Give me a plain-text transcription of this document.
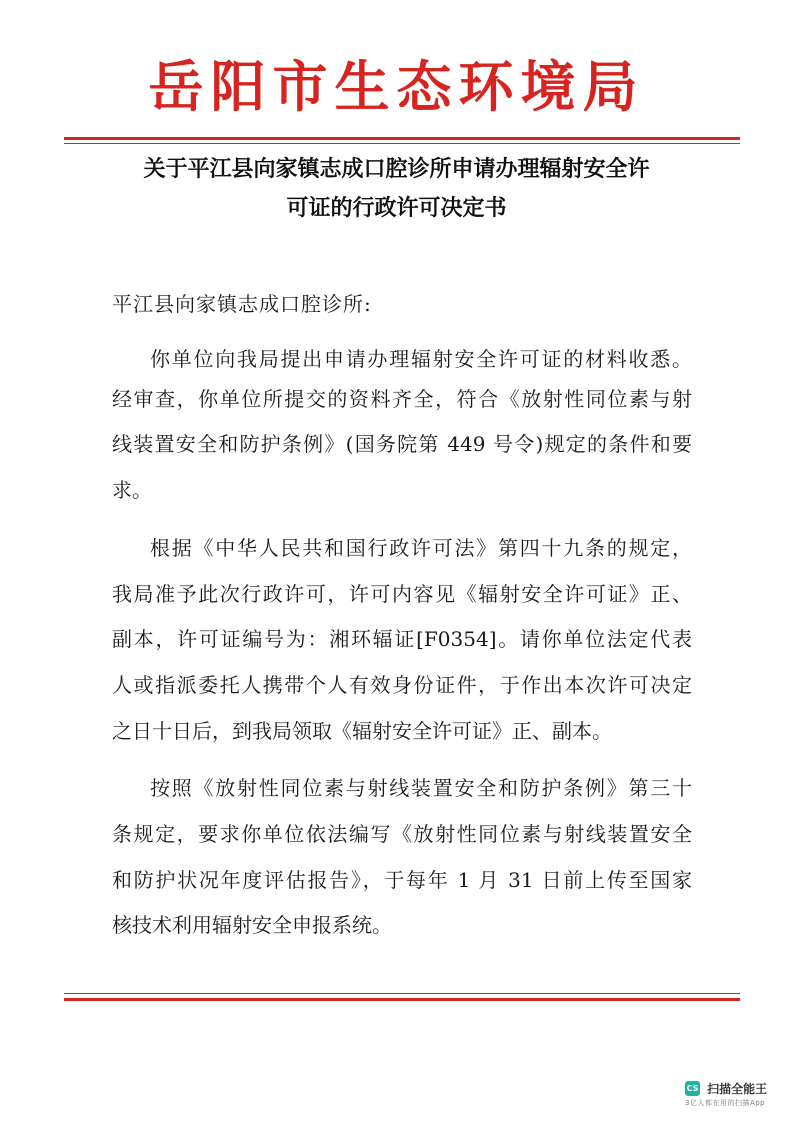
岳阳市生态环境局
关于平江县向家镇志成口腔诊所申请办理辐射安全许
可证的行政许可决定书
平江县向家镇志成口腔诊所:
你单位向我局提出申请办理辐射安全许可证的材料收悉。
经审查，你单位所提交的资料齐全，符合《放射性同位素与射
线装置安全和防护条例》(国务院第 449 号令)规定的条件和要
求。
根据《中华人民共和国行政许可法》第四十九条的规定，
我局准予此次行政许可，许可内容见《辐射安全许可证》正、
副本，许可证编号为：湘环辐证[F0354]。请你单位法定代表
人或指派委托人携带个人有效身份证件，于作出本次许可决定
之日十日后，到我局领取《辐射安全许可证》正、副本。
按照《放射性同位素与射线装置安全和防护条例》第三十
条规定，要求你单位依法编写《放射性同位素与射线装置安全
和防护状况年度评估报告》，于每年 1 月 31 日前上传至国家
核技术利用辐射安全申报系统。
CS 扫描全能王
3亿人都在用的扫描App
